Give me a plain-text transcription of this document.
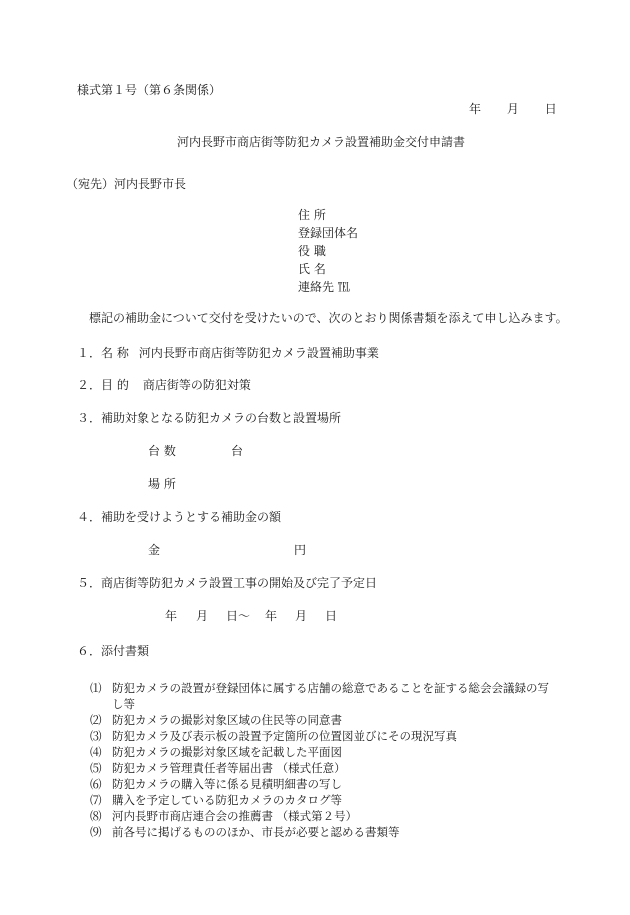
様式第１号（第６条関係）
年 月 日
河内長野市商店街等防犯カメラ設置補助金交付申請書
（宛先）河内長野市長
住 所
登録団体名
役 職
氏 名
連絡先 ℡
標記の補助金について交付を受けたいので、次のとおり関係書類を添えて申し込みます。
１．名 称 河内長野市商店街等防犯カメラ設置補助事業
２．目 的 商店街等の防犯対策
３．補助対象となる防犯カメラの台数と設置場所
台 数	台
場 所
４．補助を受けようとする補助金の額
金	円
５．商店街等防犯カメラ設置工事の開始及び完了予定日
年 月 日～ 年 月 日
６．添付書類
⑴ 防犯カメラの設置が登録団体に属する店舗の総意であることを証する総会会議録の写し等
⑵ 防犯カメラの撮影対象区域の住民等の同意書
⑶ 防犯カメラ及び表示板の設置予定箇所の位置図並びにその現況写真
⑷ 防犯カメラの撮影対象区域を記載した平面図
⑸ 防犯カメラ管理責任者等届出書 （様式任意）
⑹ 防犯カメラの購入等に係る見積明細書の写し
⑺ 購入を予定している防犯カメラのカタログ等
⑻ 河内長野市商店連合会の推薦書 （様式第２号）
⑼ 前各号に掲げるもののほか、市長が必要と認める書類等
